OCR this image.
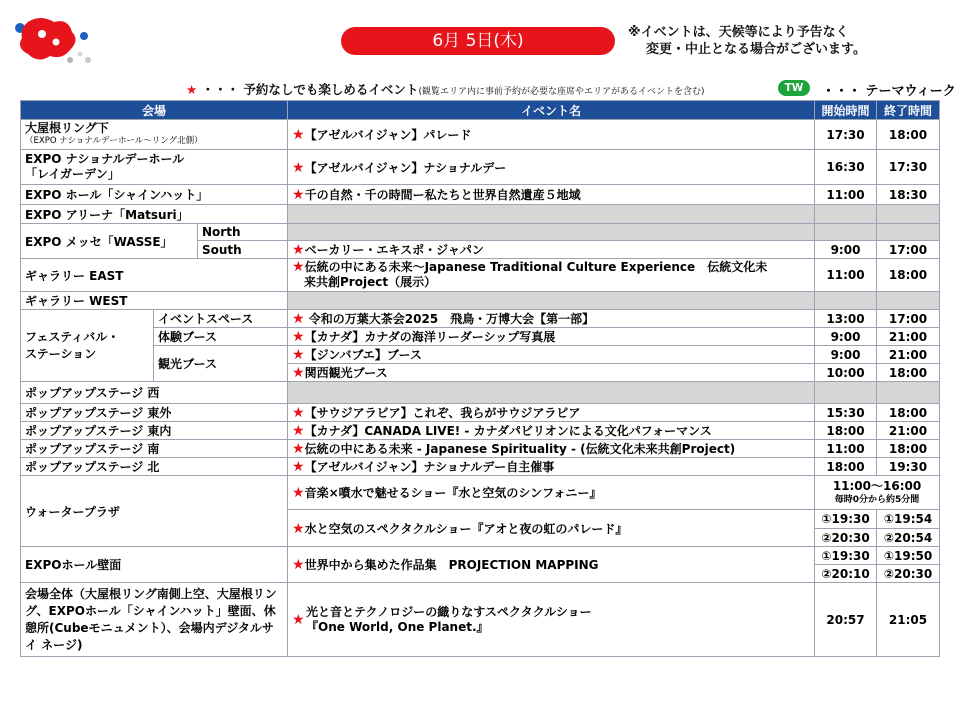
6月 5日(木)	※イベントは、天候等により予告なく
変更・中止となる場合がございます。
★ ・・・ 予約なしでも楽しめるイベント(観覧エリア内に事前予約が必要な座席やエリアがあるイベントを含む)	TW	・・・ テーマウィーク
会場			イベント名	開始時間	終了時間

大屋根リング下
（EXPO ナショナルデーホール〜リング北側）			★【アゼルバイジャン】パレード	17:30	18:00

EXPO ナショナルデーホール
「レイガーデン」			★【アゼルバイジャン】ナショナルデー	16:30	17:30
EXPO ホール「シャインハット」			★千の自然・千の時間ー私たちと世界自然遺産５地域	11:00	18:30
EXPO アリーナ「Matsuri」					
EXPO メッセ「WASSE」		North			
		South	★ベーカリー・エキスポ・ジャパン	9:00	17:00
ギャラリー EAST			★伝統の中にある未来〜Japanese Traditional Culture Experience　伝統文化未
来共創Project（展示）	11:00	18:00
ギャラリー WEST					

フェスティバル・
ステーション	イベントスペース		★ 令和の万葉大茶会2025　飛鳥・万博大会【第一部】	13:00	17:00
	体験ブース		★【カナダ】カナダの海洋リーダーシップ写真展	9:00	21:00
	観光ブース		★【ジンバブエ】ブース	9:00	21:00
			★関西観光ブース	10:00	18:00
ポップアップステージ 西					
ポップアップステージ 東外			★【サウジアラビア】これぞ、我らがサウジアラビア	15:30	18:00
ポップアップステージ 東内			★【カナダ】CANADA LIVE! - カナダパビリオンによる文化パフォーマンス	18:00	21:00
ポップアップステージ 南			★伝統の中にある未来 - Japanese Spirituality - (伝統文化未来共創Project)	11:00	18:00
ポップアップステージ 北			★【アゼルバイジャン】ナショナルデー自主催事	18:00	19:30
ウォータープラザ			★音楽×噴水で魅せるショー『水と空気のシンフォニー』	11:00〜16:00
毎時0分から約5分間	

			★水と空気のスペクタクルショー『アオと夜の虹のパレード』	①19:30	①19:54
				②20:30	②20:54
EXPOホール壁面			★世界中から集めた作品集　PROJECTION MAPPING	①19:30	①19:50
				②20:10	②20:30
会場全体（大屋根リング南側上空、大屋根リング、EXPOホール「シャインハット」壁面、休憩所(Cubeモニュメント）、会場内デジタルサイ ネージ)			★ 光と音とテクノロジーの織りなすスペクタクルショー
『One World, One Planet.』	20:57	21:05
